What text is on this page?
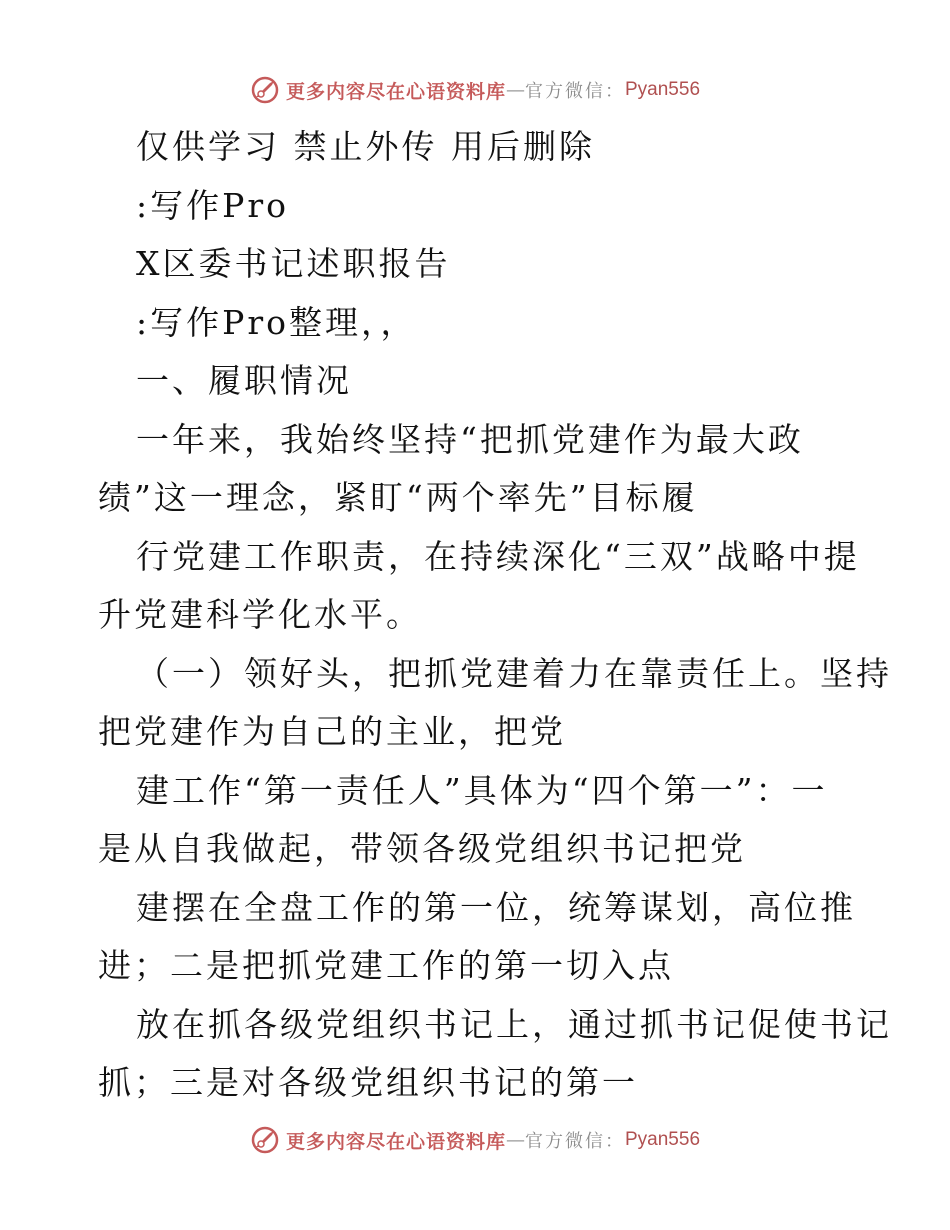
更多内容尽在心语资料库 — 官方微信： Pyan556
仅供学习 禁止外传 用后删除
:写作Pro
X区委书记述职报告
:写作Pro整理，，
一、履职情况
一年来，我始终坚持“把抓党建作为最大政
绩”这一理念，紧盯“两个率先”目标履
行党建工作职责，在持续深化“三双”战略中提
升党建科学化水平。
（一）领好头，把抓党建着力在靠责任上。坚持
把党建作为自己的主业，把党
建工作“第一责任人”具体为“四个第一”：一
是从自我做起，带领各级党组织书记把党
建摆在全盘工作的第一位，统筹谋划，高位推
进；二是把抓党建工作的第一切入点
放在抓各级党组织书记上，通过抓书记促使书记
抓；三是对各级党组织书记的第一
更多内容尽在心语资料库 — 官方微信： Pyan556
